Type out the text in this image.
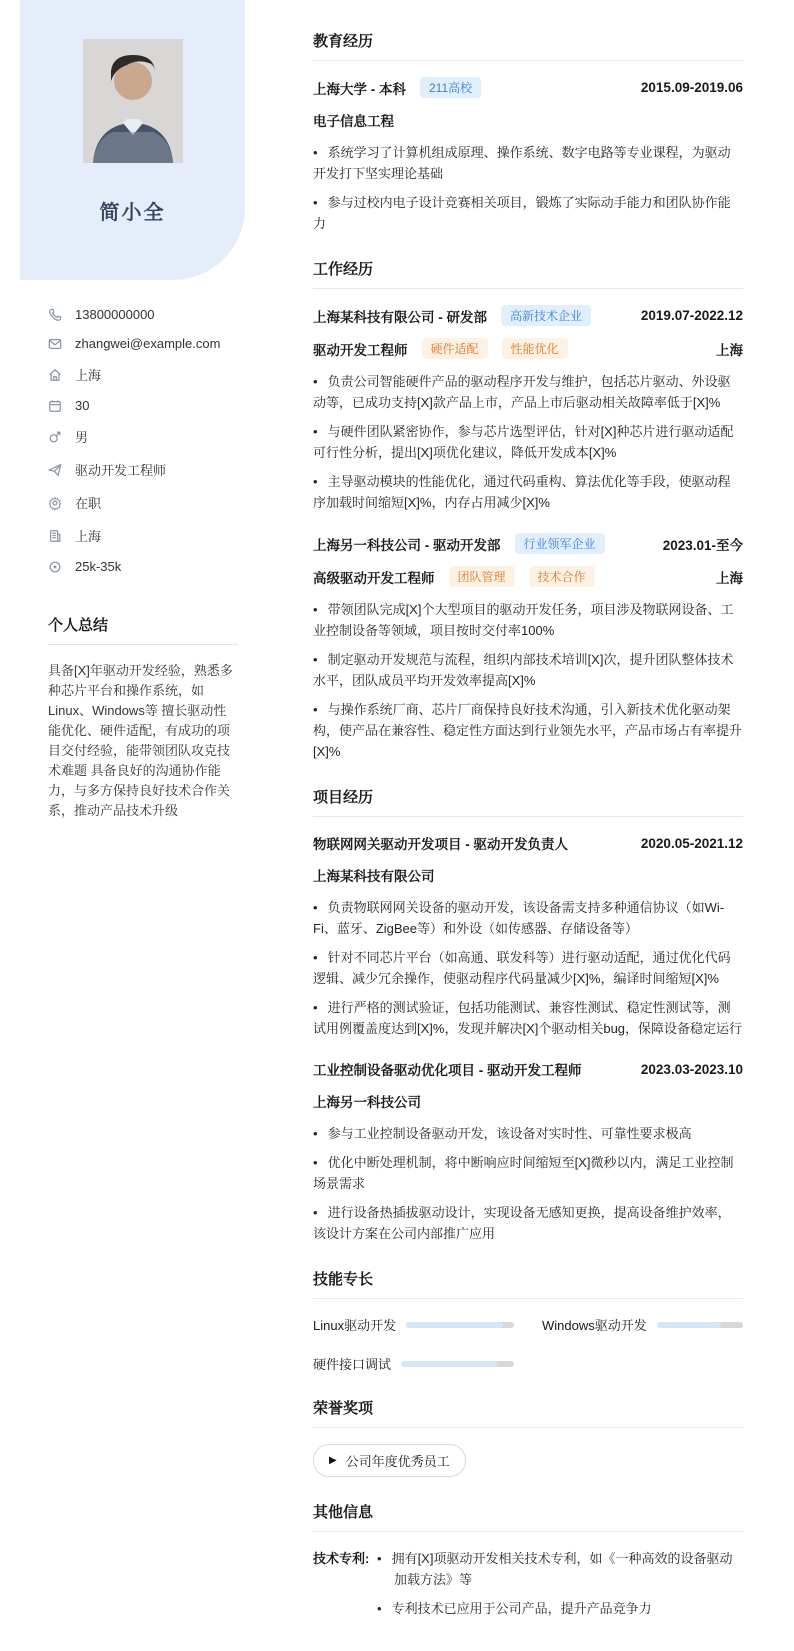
简小全
13800000000
zhangwei@example.com
上海
30
男
驱动开发工程师
在职
上海
25k-35k
个人总结

具备[X]年驱动开发经验，熟悉多种芯片平台和操作系统，如Linux、Windows等 擅长驱动性能优化、硬件适配，有成功的项目交付经验，能带领团队攻克技术难题 具备良好的沟通协作能力，与多方保持良好技术合作关系，推动产品技术升级

教育经历
上海大学 - 本科	211高校	2015.09-2019.06
电子信息工程
• 系统学习了计算机组成原理、操作系统、数字电路等专业课程，为驱动开发打下坚实理论基础
• 参与过校内电子设计竞赛相关项目，锻炼了实际动手能力和团队协作能力
工作经历
上海某科技有限公司 - 研发部	高新技术企业	2019.07-2022.12
驱动开发工程师	硬件适配	性能优化	上海
• 负责公司智能硬件产品的驱动程序开发与维护，包括芯片驱动、外设驱动等，已成功支持[X]款产品上市，产品上市后驱动相关故障率低于[X]%
• 与硬件团队紧密协作，参与芯片选型评估，针对[X]种芯片进行驱动适配可行性分析，提出[X]项优化建议，降低开发成本[X]%
• 主导驱动模块的性能优化，通过代码重构、算法优化等手段，使驱动程序加载时间缩短[X]%，内存占用减少[X]%
上海另一科技公司 - 驱动开发部	行业领军企业	2023.01-至今
高级驱动开发工程师	团队管理	技术合作	上海
• 带领团队完成[X]个大型项目的驱动开发任务，项目涉及物联网设备、工业控制设备等领域，项目按时交付率100%
• 制定驱动开发规范与流程，组织内部技术培训[X]次，提升团队整体技术水平，团队成员平均开发效率提高[X]%
• 与操作系统厂商、芯片厂商保持良好技术沟通，引入新技术优化驱动架构，使产品在兼容性、稳定性方面达到行业领先水平，产品市场占有率提升[X]%
项目经历
物联网网关驱动开发项目 - 驱动开发负责人	2020.05-2021.12
上海某科技有限公司
• 负责物联网网关设备的驱动开发，该设备需支持多种通信协议（如Wi-Fi、蓝牙、ZigBee等）和外设（如传感器、存储设备等）
• 针对不同芯片平台（如高通、联发科等）进行驱动适配，通过优化代码逻辑、减少冗余操作，使驱动程序代码量减少[X]%，编译时间缩短[X]%
• 进行严格的测试验证，包括功能测试、兼容性测试、稳定性测试等，测试用例覆盖度达到[X]%，发现并解决[X]个驱动相关bug，保障设备稳定运行
工业控制设备驱动优化项目 - 驱动开发工程师	2023.03-2023.10
上海另一科技公司
• 参与工业控制设备驱动开发，该设备对实时性、可靠性要求极高
• 优化中断处理机制，将中断响应时间缩短至[X]微秒以内，满足工业控制场景需求
• 进行设备热插拔驱动设计，实现设备无感知更换，提高设备维护效率，该设计方案在公司内部推广应用
技能专长
Linux驱动开发	Windows驱动开发
硬件接口调试
荣誉奖项
▶ 公司年度优秀员工
其他信息
技术专利:	• 拥有[X]项驱动开发相关技术专利，如《一种高效的设备驱动加载方法》等
• 专利技术已应用于公司产品，提升产品竞争力
